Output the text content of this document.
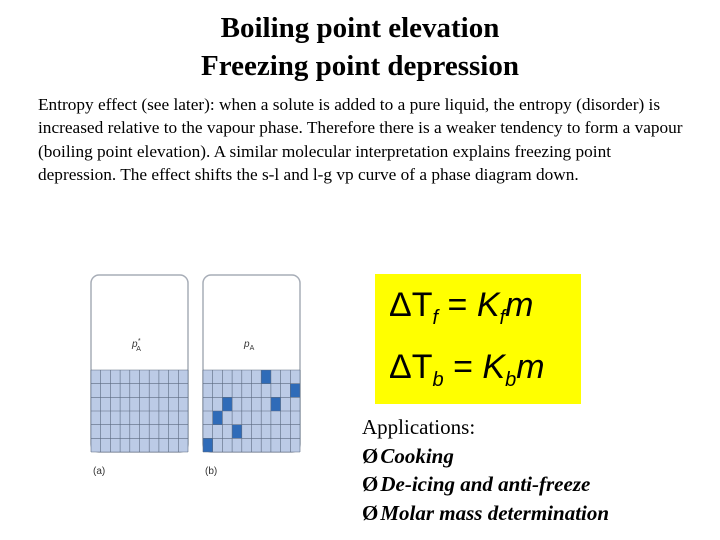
Boiling point elevation
Freezing point depression
Entropy effect (see later): when a solute is added to a pure liquid, the entropy (disorder) is increased relative to the vapour phase. Therefore there is a weaker tendency to form a vapour (boiling point elevation). A similar molecular interpretation explains freezing point depression. The effect shifts the s-l and l-g vp curve of a phase diagram down.
p* A
(a)
$p_A$
(b)
$\Delta T_f = K_fm$
$\Delta T_b = K_bm$
Applications:
ØCooking
ØDe-icing and anti-freeze
ØMolar mass determination
